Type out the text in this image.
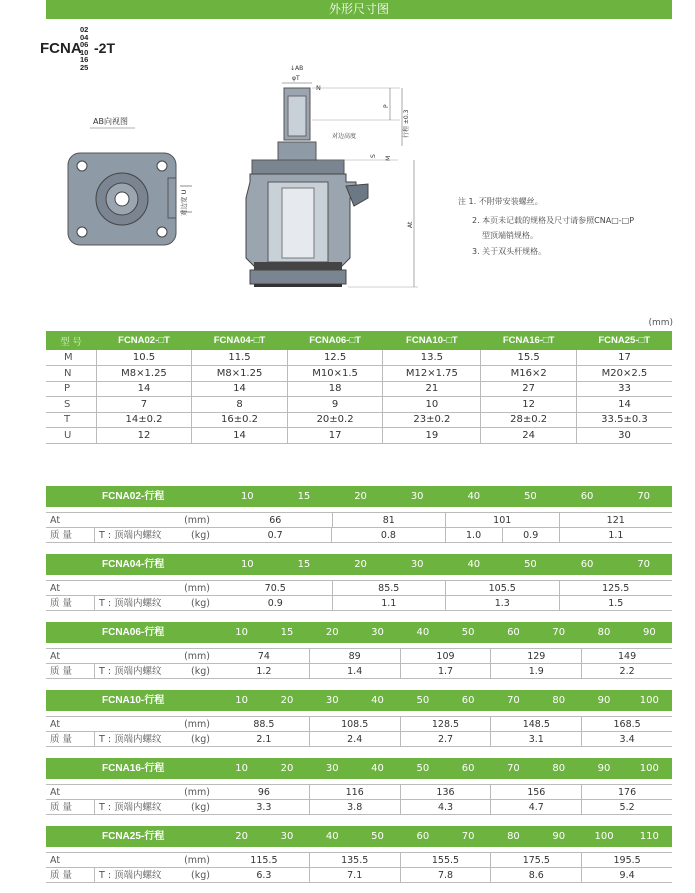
外形尺寸图
FCNA
02
04
06
10
16
25
-2T
AB向视图
对边宽 U
↓AB
φT
N
P
行程 ±0.3
对边高度
S M
At
注 1. 不附带安装螺丝。
2. 本页未记载的规格及尺寸请参照CNA□-□P
型顶端销规格。
3. 关于双头杆规格。
(mm)
型 号	FCNA02-□T	FCNA04-□T	FCNA06-□T	FCNA10-□T	FCNA16-□T	FCNA25-□T
M	10.5	11.5	12.5	13.5	15.5	17
N	M8×1.25	M8×1.25	M10×1.5	M12×1.75	M16×2	M20×2.5
P	14	14	18	21	27	33
S	7	8	9	10	12	14
T	14±0.2	16±0.2	20±0.2	23±0.2	28±0.2	33.5±0.3
U	12	14	17	19	24	30
FCNA02-行程	10	15	20	30	40	50	60	70
At	(mm)	66	81	101	121
质 量	T : 顶端内螺纹	(kg)	0.7	0.8	1.0	0.9	1.1
FCNA04-行程	10	15	20	30	40	50	60	70
At	(mm)	70.5	85.5	105.5	125.5
质 量	T : 顶端内螺纹	(kg)	0.9	1.1	1.3	1.5
FCNA06-行程	10	15	20	30	40	50	60	70	80	90
At	(mm)	74	89	109	129	149
质 量	T : 顶端内螺纹	(kg)	1.2	1.4	1.7	1.9	2.2
FCNA10-行程	10	20	30	40	50	60	70	80	90	100
At	(mm)	88.5	108.5	128.5	148.5	168.5
质 量	T : 顶端内螺纹	(kg)	2.1	2.4	2.7	3.1	3.4
FCNA16-行程	10	20	30	40	50	60	70	80	90	100
At	(mm)	96	116	136	156	176
质 量	T : 顶端内螺纹	(kg)	3.3	3.8	4.3	4.7	5.2
FCNA25-行程	20	30	40	50	60	70	80	90	100	110
At	(mm)	115.5	135.5	155.5	175.5	195.5
质 量	T : 顶端内螺纹	(kg)	6.3	7.1	7.8	8.6	9.4
